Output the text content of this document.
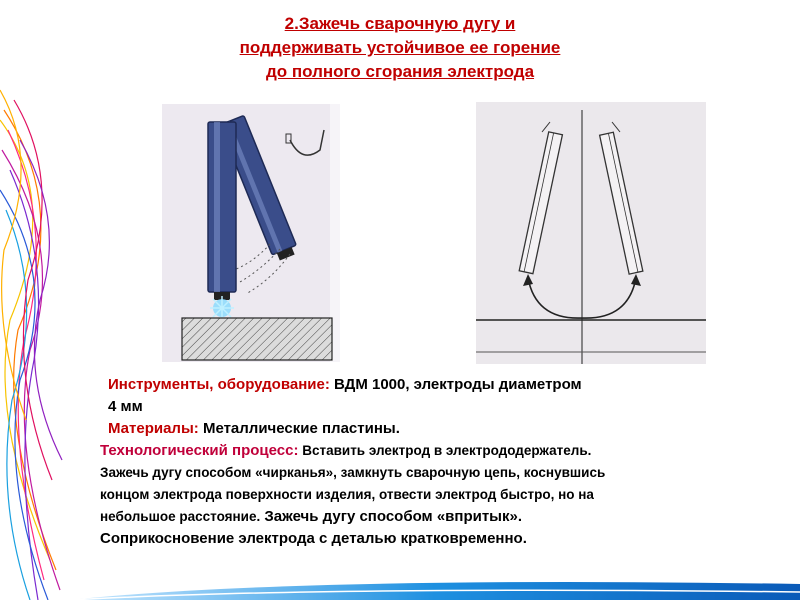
2.Зажечь сварочную дугу и
поддерживать устойчивое ее горение
до полного сгорания электрода
Инструменты, оборудование: ВДМ 1000, электроды диаметром
4 мм
Материалы: Металлические пластины.
Технологический процесс: Вставить электрод в электрододержатель.
Зажечь дугу способом «чирканья», замкнуть сварочную цепь, коснувшись
концом электрода поверхности изделия, отвести электрод быстро, но на
небольшое расстояние. Зажечь дугу способом «впритык».
Соприкосновение электрода с деталью кратковременно.
